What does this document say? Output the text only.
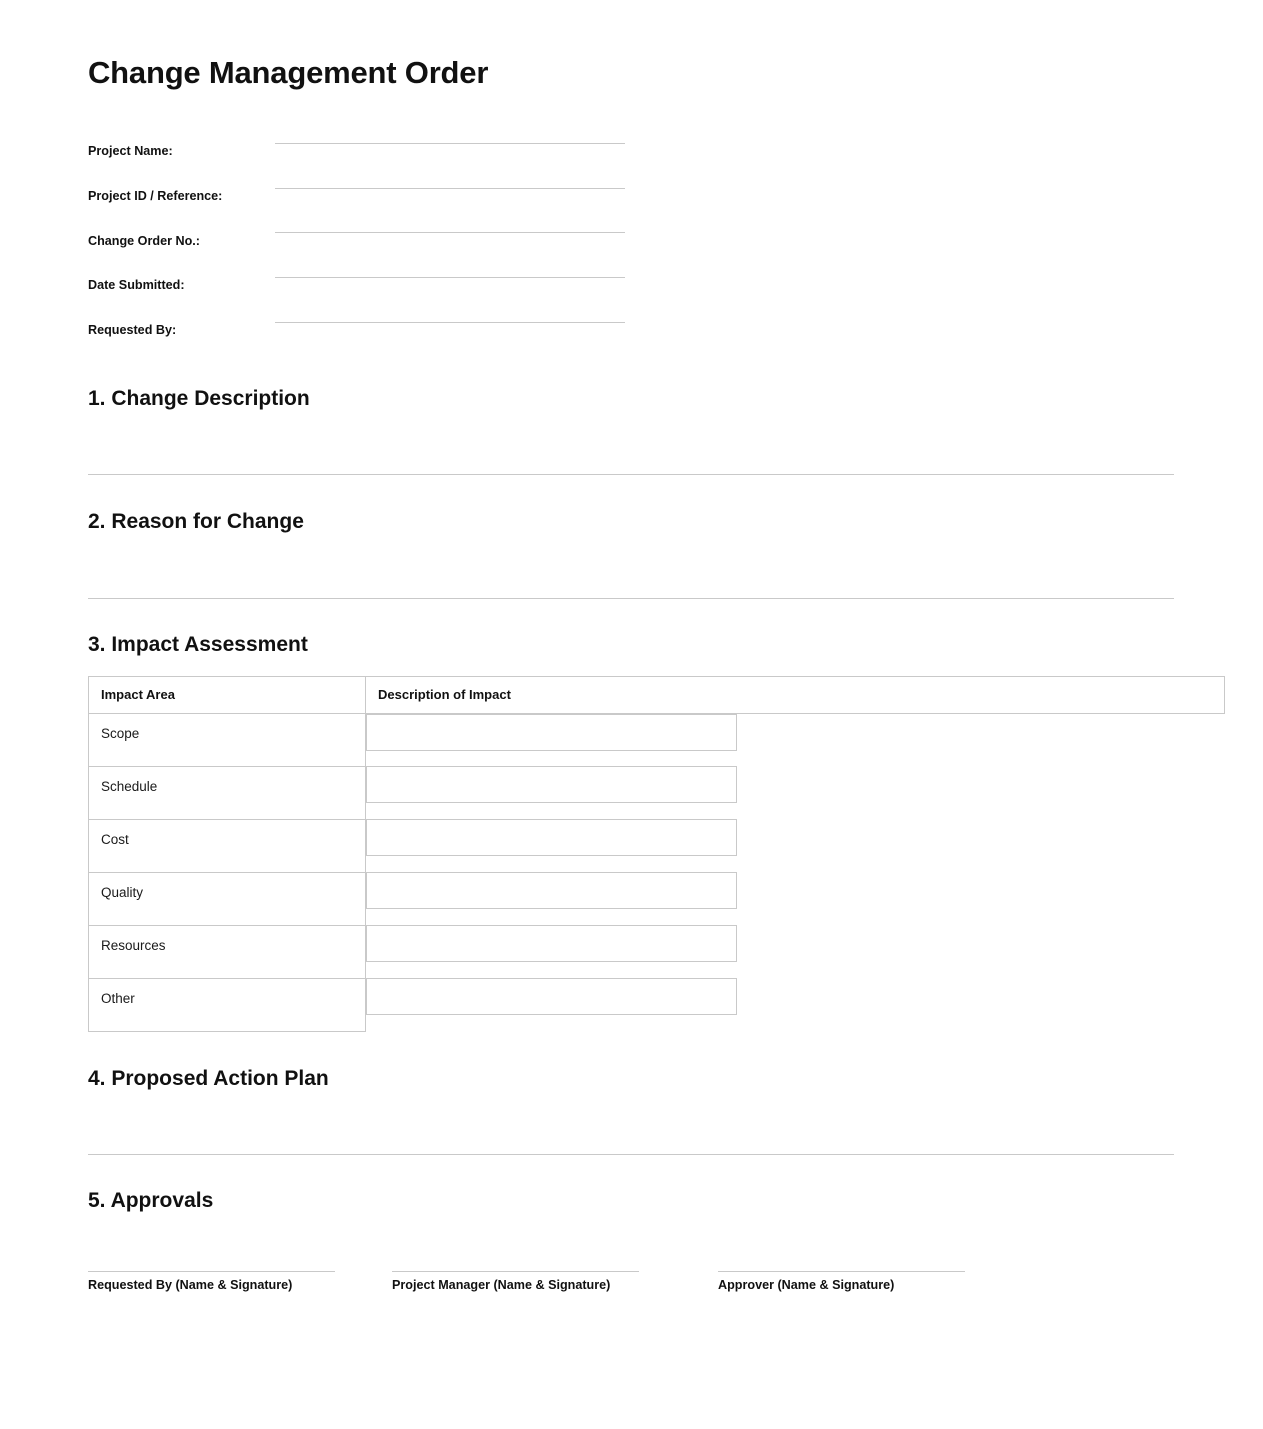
Change Management Order
Project Name:
Project ID / Reference:
Change Order No.:
Date Submitted:
Requested By:
1. Change Description
2. Reason for Change
3. Impact Assessment
Impact Area	Description of Impact
Scope	

Schedule	

Cost	

Quality	

Resources	

Other	
4. Proposed Action Plan
5. Approvals
Requested By (Name & Signature)	Project Manager (Name & Signature)	Approver (Name & Signature)
